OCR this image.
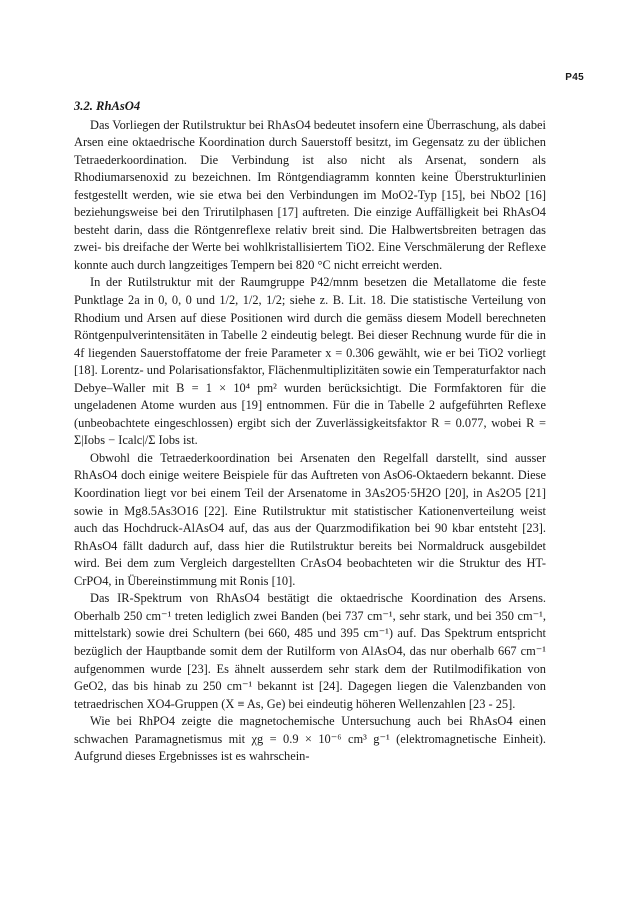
P45
3.2. RhAsO4

Das Vorliegen der Rutilstruktur bei RhAsO4 bedeutet insofern eine Überraschung, als dabei Arsen eine oktaedrische Koordination durch Sauerstoff besitzt, im Gegensatz zu der üblichen Tetraederkoordination. Die Verbindung ist also nicht als Arsenat, sondern als Rhodiumarsenoxid zu bezeichnen. Im Röntgendiagramm konnten keine Überstrukturlinien festgestellt werden, wie sie etwa bei den Verbindungen im MoO2-Typ [15], bei NbO2 [16] beziehungsweise bei den Trirutilphasen [17] auftreten. Die einzige Auffälligkeit bei RhAsO4 besteht darin, dass die Röntgenreflexe relativ breit sind. Die Halbwertsbreiten betragen das zwei- bis dreifache der Werte bei wohlkristallisiertem TiO2. Eine Verschmälerung der Reflexe konnte auch durch langzeitiges Tempern bei 820 °C nicht erreicht werden.

In der Rutilstruktur mit der Raumgruppe P42/mnm besetzen die Metallatome die feste Punktlage 2a in 0, 0, 0 und 1/2, 1/2, 1/2; siehe z. B. Lit. 18. Die statistische Verteilung von Rhodium und Arsen auf diese Positionen wird durch die gemäss diesem Modell berechneten Röntgenpulverintensitäten in Tabelle 2 eindeutig belegt. Bei dieser Rechnung wurde für die in 4f liegenden Sauerstoffatome der freie Parameter x = 0.306 gewählt, wie er bei TiO2 vorliegt [18]. Lorentz- und Polarisationsfaktor, Flächenmultiplizitäten sowie ein Temperaturfaktor nach Debye–Waller mit B = 1 × 10⁴ pm² wurden berücksichtigt. Die Formfaktoren für die ungeladenen Atome wurden aus [19] entnommen. Für die in Tabelle 2 aufgeführten Reflexe (unbeobachtete eingeschlossen) ergibt sich der Zuverlässigkeitsfaktor R = 0.077, wobei R = Σ|Iobs − Icalc|/Σ Iobs ist.

Obwohl die Tetraederkoordination bei Arsenaten den Regelfall darstellt, sind ausser RhAsO4 doch einige weitere Beispiele für das Auftreten von AsO6-Oktaedern bekannt. Diese Koordination liegt vor bei einem Teil der Arsenatome in 3As2O5·5H2O [20], in As2O5 [21] sowie in Mg8.5As3O16 [22]. Eine Rutilstruktur mit statistischer Kationenverteilung weist auch das Hochdruck-AlAsO4 auf, das aus der Quarzmodifikation bei 90 kbar entsteht [23]. RhAsO4 fällt dadurch auf, dass hier die Rutilstruktur bereits bei Normaldruck ausgebildet wird. Bei dem zum Vergleich dargestellten CrAsO4 beobachteten wir die Struktur des HT-CrPO4, in Übereinstimmung mit Ronis [10].

Das IR-Spektrum von RhAsO4 bestätigt die oktaedrische Koordination des Arsens. Oberhalb 250 cm⁻¹ treten lediglich zwei Banden (bei 737 cm⁻¹, sehr stark, und bei 350 cm⁻¹, mittelstark) sowie drei Schultern (bei 660, 485 und 395 cm⁻¹) auf. Das Spektrum entspricht bezüglich der Hauptbande somit dem der Rutilform von AlAsO4, das nur oberhalb 667 cm⁻¹ aufgenommen wurde [23]. Es ähnelt ausserdem sehr stark dem der Rutilmodifikation von GeO2, das bis hinab zu 250 cm⁻¹ bekannt ist [24]. Dagegen liegen die Valenzbanden von tetraedrischen XO4-Gruppen (X ≡ As, Ge) bei eindeutig höheren Wellenzahlen [23 - 25].

Wie bei RhPO4 zeigte die magnetochemische Untersuchung auch bei RhAsO4 einen schwachen Paramagnetismus mit χg = 0.9 × 10⁻⁶ cm³ g⁻¹ (elektromagnetische Einheit). Aufgrund dieses Ergebnisses ist es wahrschein-
